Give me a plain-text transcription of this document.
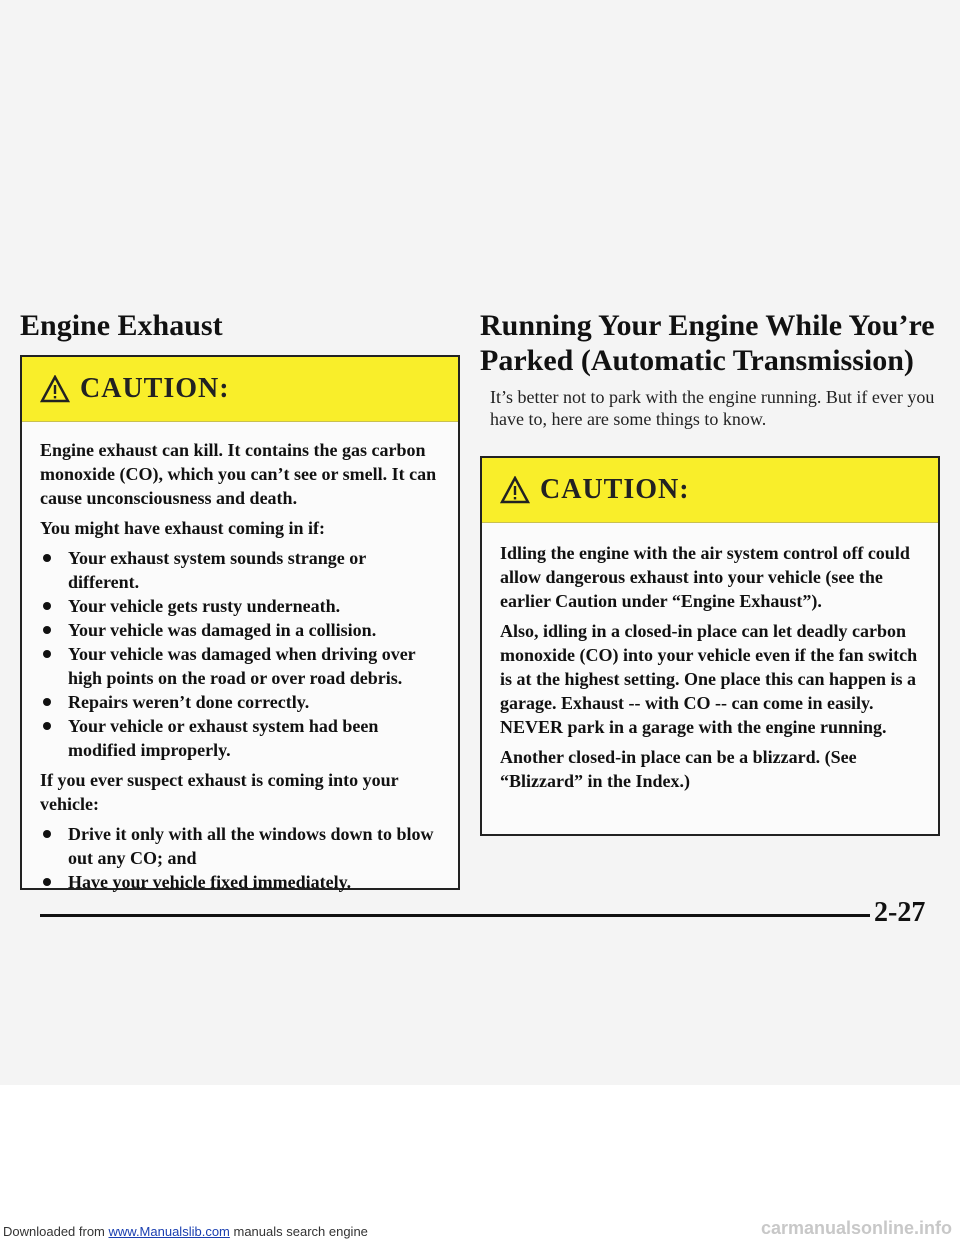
Engine Exhaust
CAUTION:

Engine exhaust can kill. It contains the gas carbon monoxide (CO), which you can’t see or smell. It can cause unconsciousness and death.

You might have exhaust coming in if:

Your exhaust system sounds strange or different.
Your vehicle gets rusty underneath.
Your vehicle was damaged in a collision.
Your vehicle was damaged when driving over high points on the road or over road debris.
Repairs weren’t done correctly.
Your vehicle or exhaust system had been modified improperly.

If you ever suspect exhaust is coming into your vehicle:

Drive it only with all the windows down to blow out any CO; and
Have your vehicle fixed immediately.
Running Your Engine While You’re Parked (Automatic Transmission)

It’s better not to park with the engine running. But if ever you have to, here are some things to know.

CAUTION:

Idling the engine with the air system control off could allow dangerous exhaust into your vehicle (see the earlier Caution under “Engine Exhaust”).

Also, idling in a closed-in place can let deadly carbon monoxide (CO) into your vehicle even if the fan switch is at the highest setting. One place this can happen is a garage. Exhaust -- with CO -- can come in easily. NEVER park in a garage with the engine running.

Another closed-in place can be a blizzard. (See “Blizzard” in the Index.)

2-27
Downloaded from www.Manualslib.com manuals search engine	carmanualsonline.info
